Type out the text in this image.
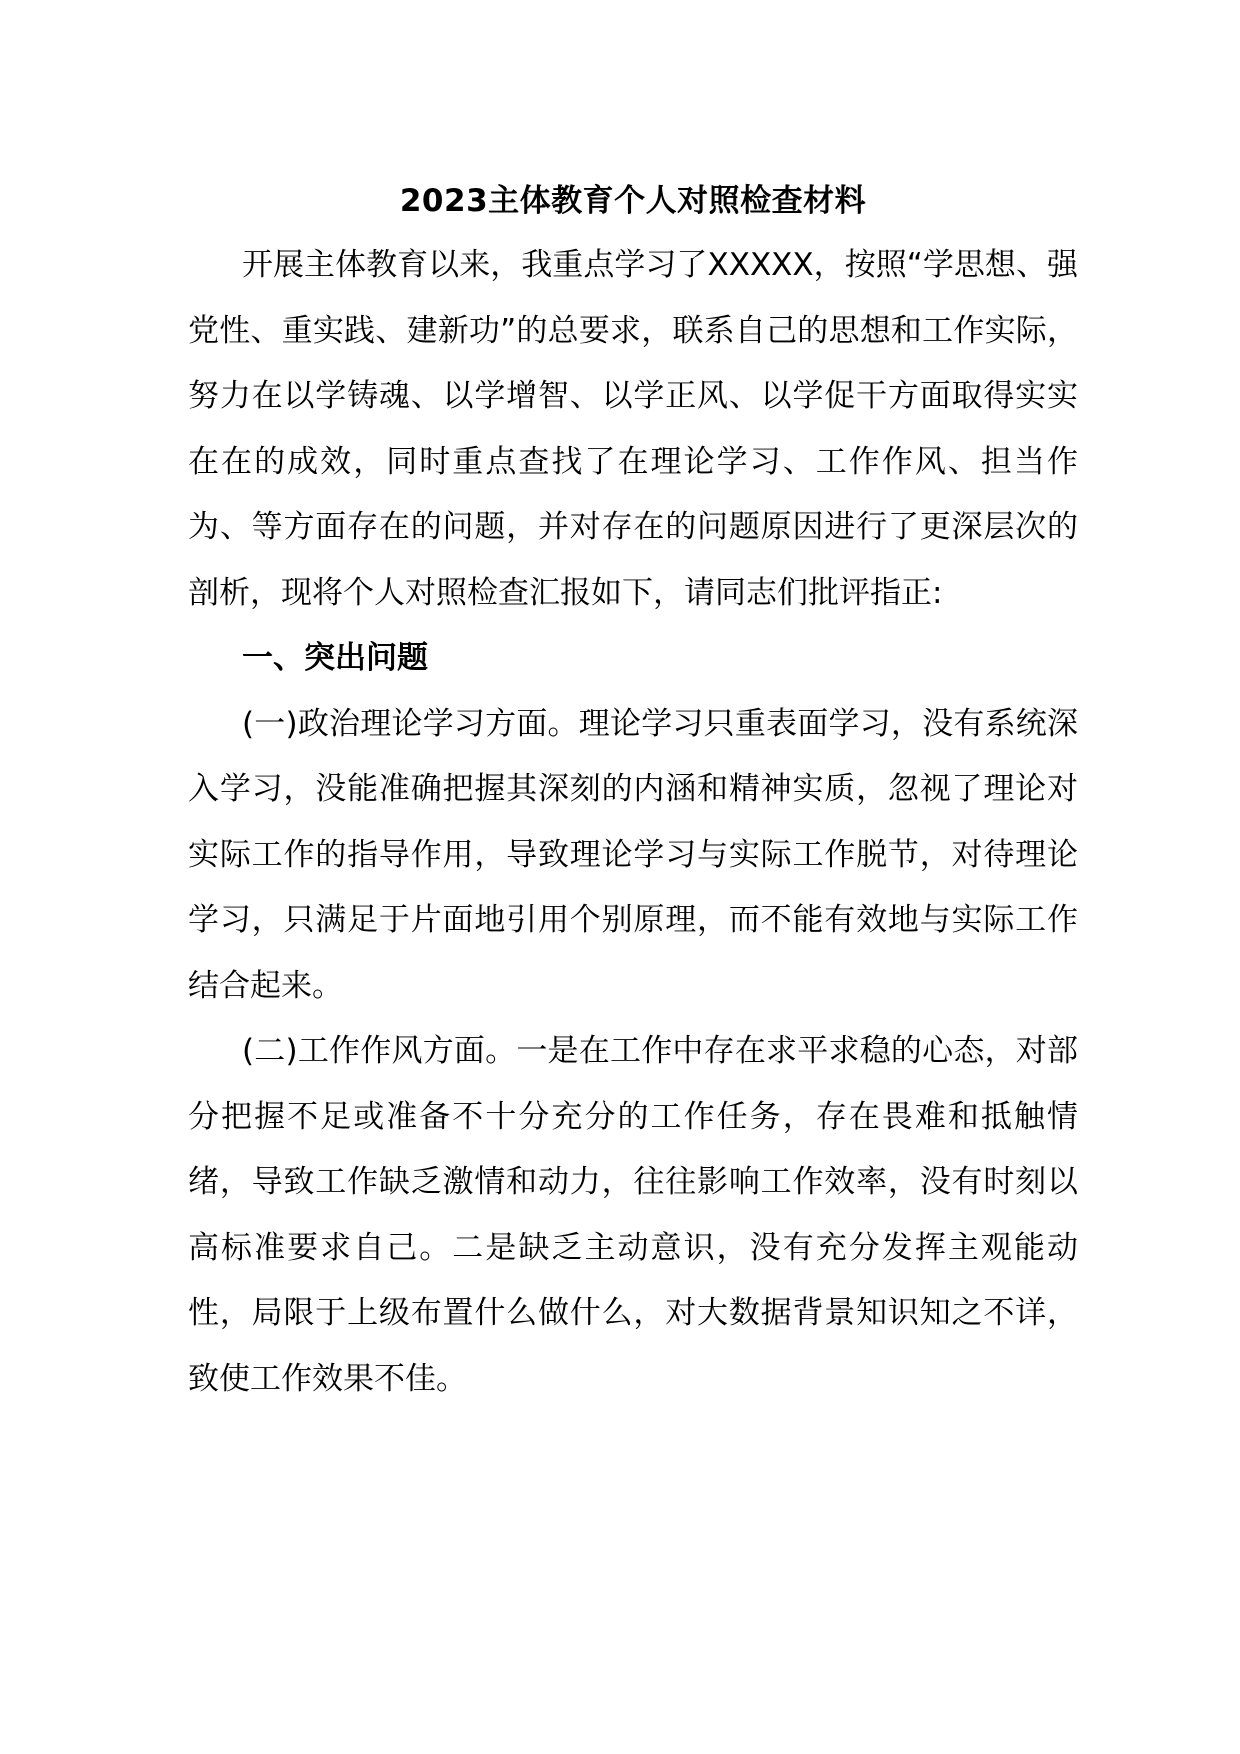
2023主体教育个人对照检查材料

开展主体教育以来，我重点学习了XXXXX，按照“学思想、强党性、重实践、建新功”的总要求，联系自己的思想和工作实际，努力在以学铸魂、以学增智、以学正风、以学促干方面取得实实在在的成效，同时重点查找了在理论学习、工作作风、担当作为、等方面存在的问题，并对存在的问题原因进行了更深层次的剖析，现将个人对照检查汇报如下，请同志们批评指正:

一、突出问题

(一)政治理论学习方面。理论学习只重表面学习，没有系统深入学习，没能准确把握其深刻的内涵和精神实质，忽视了理论对实际工作的指导作用，导致理论学习与实际工作脱节，对待理论学习，只满足于片面地引用个别原理，而不能有效地与实际工作结合起来。

(二)工作作风方面。一是在工作中存在求平求稳的心态，对部分把握不足或准备不十分充分的工作任务，存在畏难和抵触情绪，导致工作缺乏激情和动力，往往影响工作效率，没有时刻以高标准要求自己。二是缺乏主动意识，没有充分发挥主观能动性，局限于上级布置什么做什么，对大数据背景知识知之不详，致使工作效果不佳。
